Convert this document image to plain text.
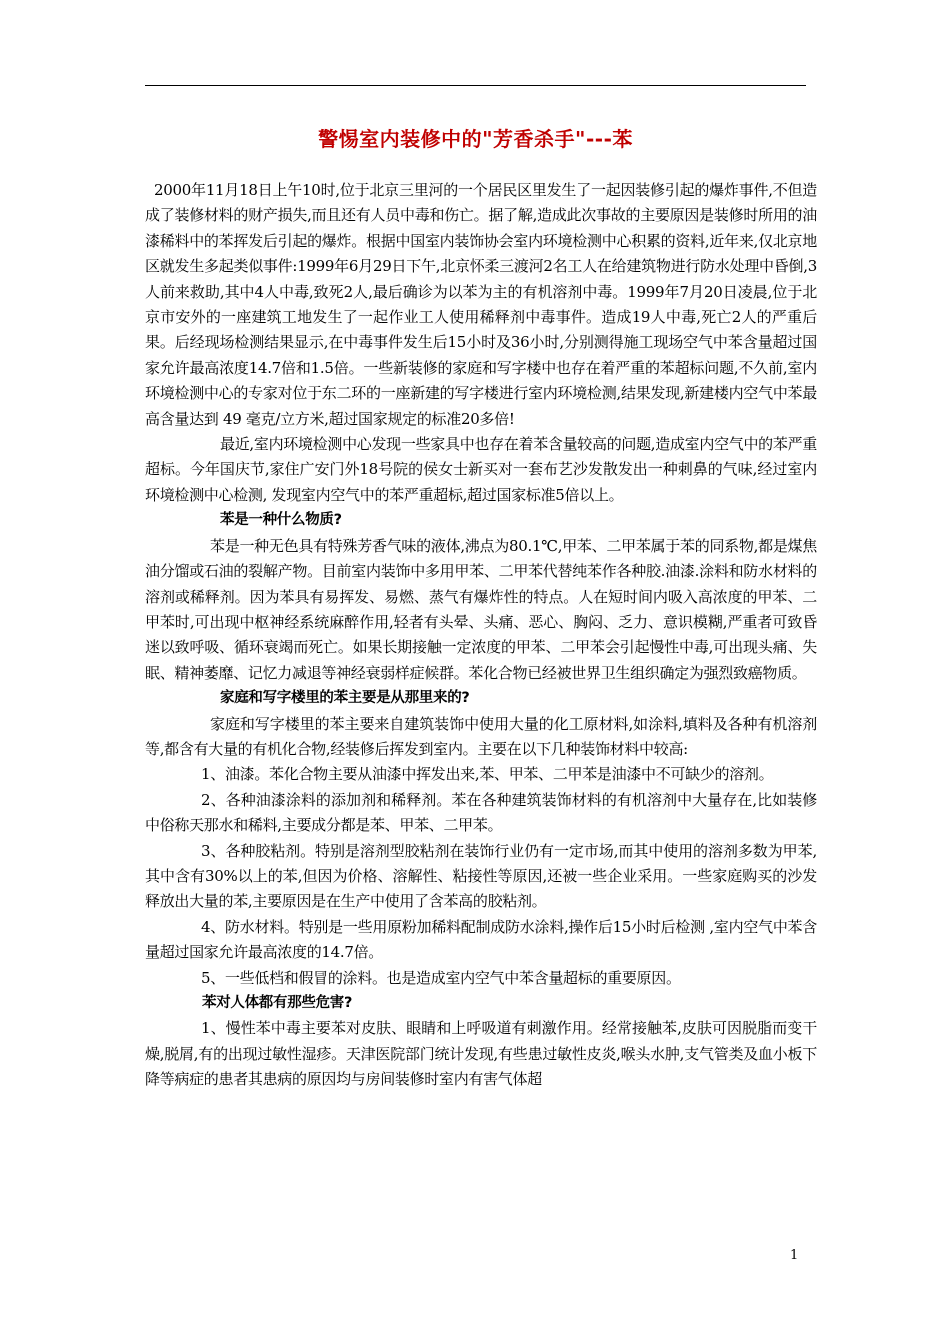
警惕室内装修中的"芳香杀手"---苯

2000年11月18日上午10时,位于北京三里河的一个居民区里发生了一起因装修引起的爆炸事件,不但造成了装修材料的财产损失,而且还有人员中毒和伤亡。据了解,造成此次事故的主要原因是装修时所用的油漆稀料中的苯挥发后引起的爆炸。根据中国室内装饰协会室内环境检测中心积累的资料,近年来,仅北京地区就发生多起类似事件:1999年6月29日下午,北京怀柔三渡河2名工人在给建筑物进行防水处理中昏倒,3人前来救助,其中4人中毒,致死2人,最后确诊为以苯为主的有机溶剂中毒。1999年7月20日凌晨,位于北京市安外的一座建筑工地发生了一起作业工人使用稀释剂中毒事件。造成19人中毒,死亡2人的严重后果。后经现场检测结果显示,在中毒事件发生后15小时及36小时,分别测得施工现场空气中苯含量超过国家允许最高浓度14.7倍和1.5倍。一些新装修的家庭和写字楼中也存在着严重的苯超标问题,不久前,室内环境检测中心的专家对位于东二环的一座新建的写字楼进行室内环境检测,结果发现,新建楼内空气中苯最高含量达到 49 毫克/立方米,超过国家规定的标准20多倍!

最近,室内环境检测中心发现一些家具中也存在着苯含量较高的问题,造成室内空气中的苯严重超标。今年国庆节,家住广安门外18号院的侯女士新买对一套布艺沙发散发出一种刺鼻的气味,经过室内环境检测中心检测, 发现室内空气中的苯严重超标,超过国家标准5倍以上。

苯是一种什么物质?

苯是一种无色具有特殊芳香气味的液体,沸点为80.1℃,甲苯、二甲苯属于苯的同系物,都是煤焦油分馏或石油的裂解产物。目前室内装饰中多用甲苯、二甲苯代替纯苯作各种胶.油漆.涂料和防水材料的溶剂或稀释剂。因为苯具有易挥发、易燃、蒸气有爆炸性的特点。人在短时间内吸入高浓度的甲苯、二甲苯时,可出现中枢神经系统麻醉作用,轻者有头晕、头痛、恶心、胸闷、乏力、意识模糊,严重者可致昏迷以致呼吸、循环衰竭而死亡。如果长期接触一定浓度的甲苯、二甲苯会引起慢性中毒,可出现头痛、失眠、精神萎靡、记忆力减退等神经衰弱样症候群。苯化合物已经被世界卫生组织确定为强烈致癌物质。

家庭和写字楼里的苯主要是从那里来的?

家庭和写字楼里的苯主要来自建筑装饰中使用大量的化工原材料,如涂料,填料及各种有机溶剂等,都含有大量的有机化合物,经装修后挥发到室内。主要在以下几种装饰材料中较高:

1、油漆。苯化合物主要从油漆中挥发出来,苯、甲苯、二甲苯是油漆中不可缺少的溶剂。

2、各种油漆涂料的添加剂和稀释剂。苯在各种建筑装饰材料的有机溶剂中大量存在,比如装修中俗称天那水和稀料,主要成分都是苯、甲苯、二甲苯。

3、各种胶粘剂。特别是溶剂型胶粘剂在装饰行业仍有一定市场,而其中使用的溶剂多数为甲苯,其中含有30%以上的苯,但因为价格、溶解性、粘接性等原因,还被一些企业采用。一些家庭购买的沙发释放出大量的苯,主要原因是在生产中使用了含苯高的胶粘剂。

4、防水材料。特别是一些用原粉加稀料配制成防水涂料,操作后15小时后检测 ,室内空气中苯含量超过国家允许最高浓度的14.7倍。

5、一些低档和假冒的涂料。也是造成室内空气中苯含量超标的重要原因。

苯对人体都有那些危害?

1、慢性苯中毒主要苯对皮肤、眼睛和上呼吸道有刺激作用。经常接触苯,皮肤可因脱脂而变干燥,脱屑,有的出现过敏性湿疹。天津医院部门统计发现,有些患过敏性皮炎,喉头水肿,支气管类及血小板下降等病症的患者其患病的原因均与房间装修时室内有害气体超

1
